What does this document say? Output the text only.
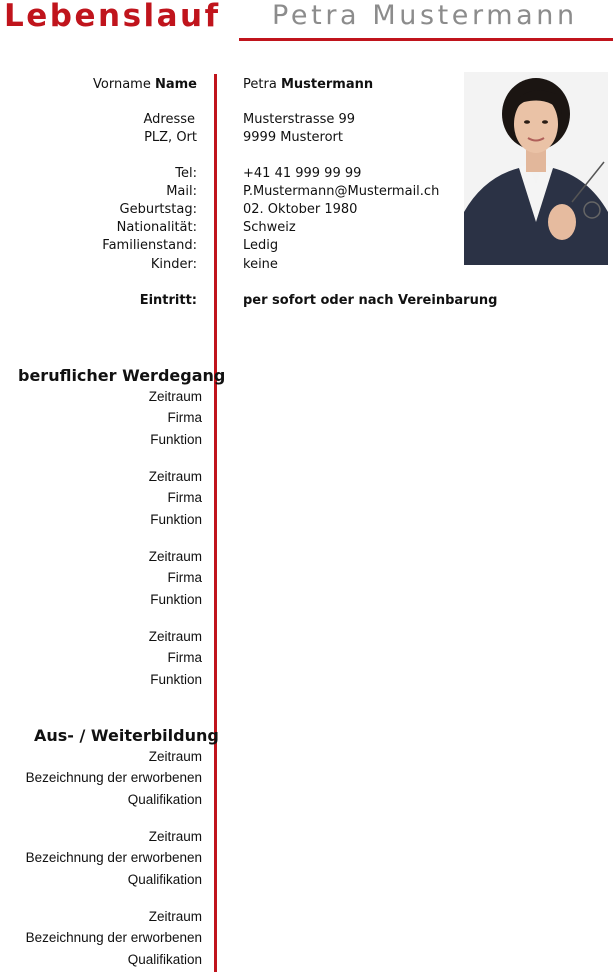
Lebenslauf Petra Mustermann
Vorname Name	Petra Mustermann
Adresse	Musterstrasse 99
PLZ, Ort	9999 Musterort
Tel:	+41 41 999 99 99
Mail:	P.Mustermann@Mustermail.ch
Geburtstag:	02. Oktober 1980
Nationalität:	Schweiz
Familienstand:	Ledig
Kinder:	keine
Eintritt:	per sofort oder nach Vereinbarung
beruflicher Werdegang
Zeitraum
Firma
Funktion
Zeitraum
Firma
Funktion
Zeitraum
Firma
Funktion
Zeitraum
Firma
Funktion
Aus- / Weiterbildung
Zeitraum
Bezeichnung der erworbenen
Qualifikation
Zeitraum
Bezeichnung der erworbenen
Qualifikation
Zeitraum
Bezeichnung der erworbenen
Qualifikation
